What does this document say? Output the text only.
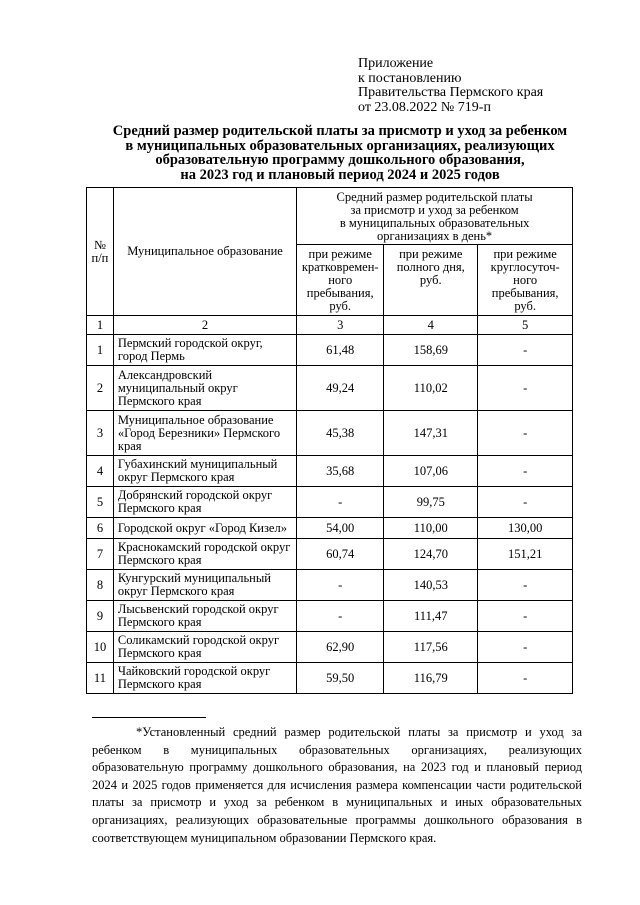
Приложение
к постановлению
Правительства Пермского края
от 23.08.2022 № 719-п
Средний размер родительской платы за присмотр и уход за ребенком
в муниципальных образовательных организациях, реализующих
образовательную программу дошкольного образования,
на 2023 год и плановый период 2024 и 2025 годов
№
п/п	Муниципальное образование	Средний размер родительской платы
за присмотр и уход за ребенком
в муниципальных образовательных
организациях в день*		
		при режиме
кратковремен-
ного
пребывания,
руб.	при режиме
полного дня,
руб.	при режиме
круглосуточ-
ного
пребывания,
руб.
1	2	3	4	5
1	Пермский городской округ,
город Пермь	61,48	158,69	-
2	Александровский
муниципальный округ
Пермского края	49,24	110,02	-
3	Муниципальное образование
«Город Березники» Пермского
края	45,38	147,31	-
4	Губахинский муниципальный
округ Пермского края	35,68	107,06	-
5	Добрянский городской округ
Пермского края	-	99,75	-
6	Городской округ «Город Кизел»	54,00	110,00	130,00
7	Краснокамский городской округ
Пермского края	60,74	124,70	151,21
8	Кунгурский муниципальный
округ Пермского края	-	140,53	-
9	Лысьвенский городской округ
Пермского края	-	111,47	-
10	Соликамский городской округ
Пермского края	62,90	117,56	-
11	Чайковский городской округ
Пермского края	59,50	116,79	-
*Установленный средний размер родительской платы за присмотр и уход за ребенком в муниципальных образовательных организациях, реализующих образовательную программу дошкольного образования, на 2023 год и плановый период 2024 и 2025 годов применяется для исчисления размера компенсации части родительской платы за присмотр и уход за ребенком в муниципальных и иных образовательных организациях, реализующих образовательные программы дошкольного образования в соответствующем муниципальном образовании Пермского края.
